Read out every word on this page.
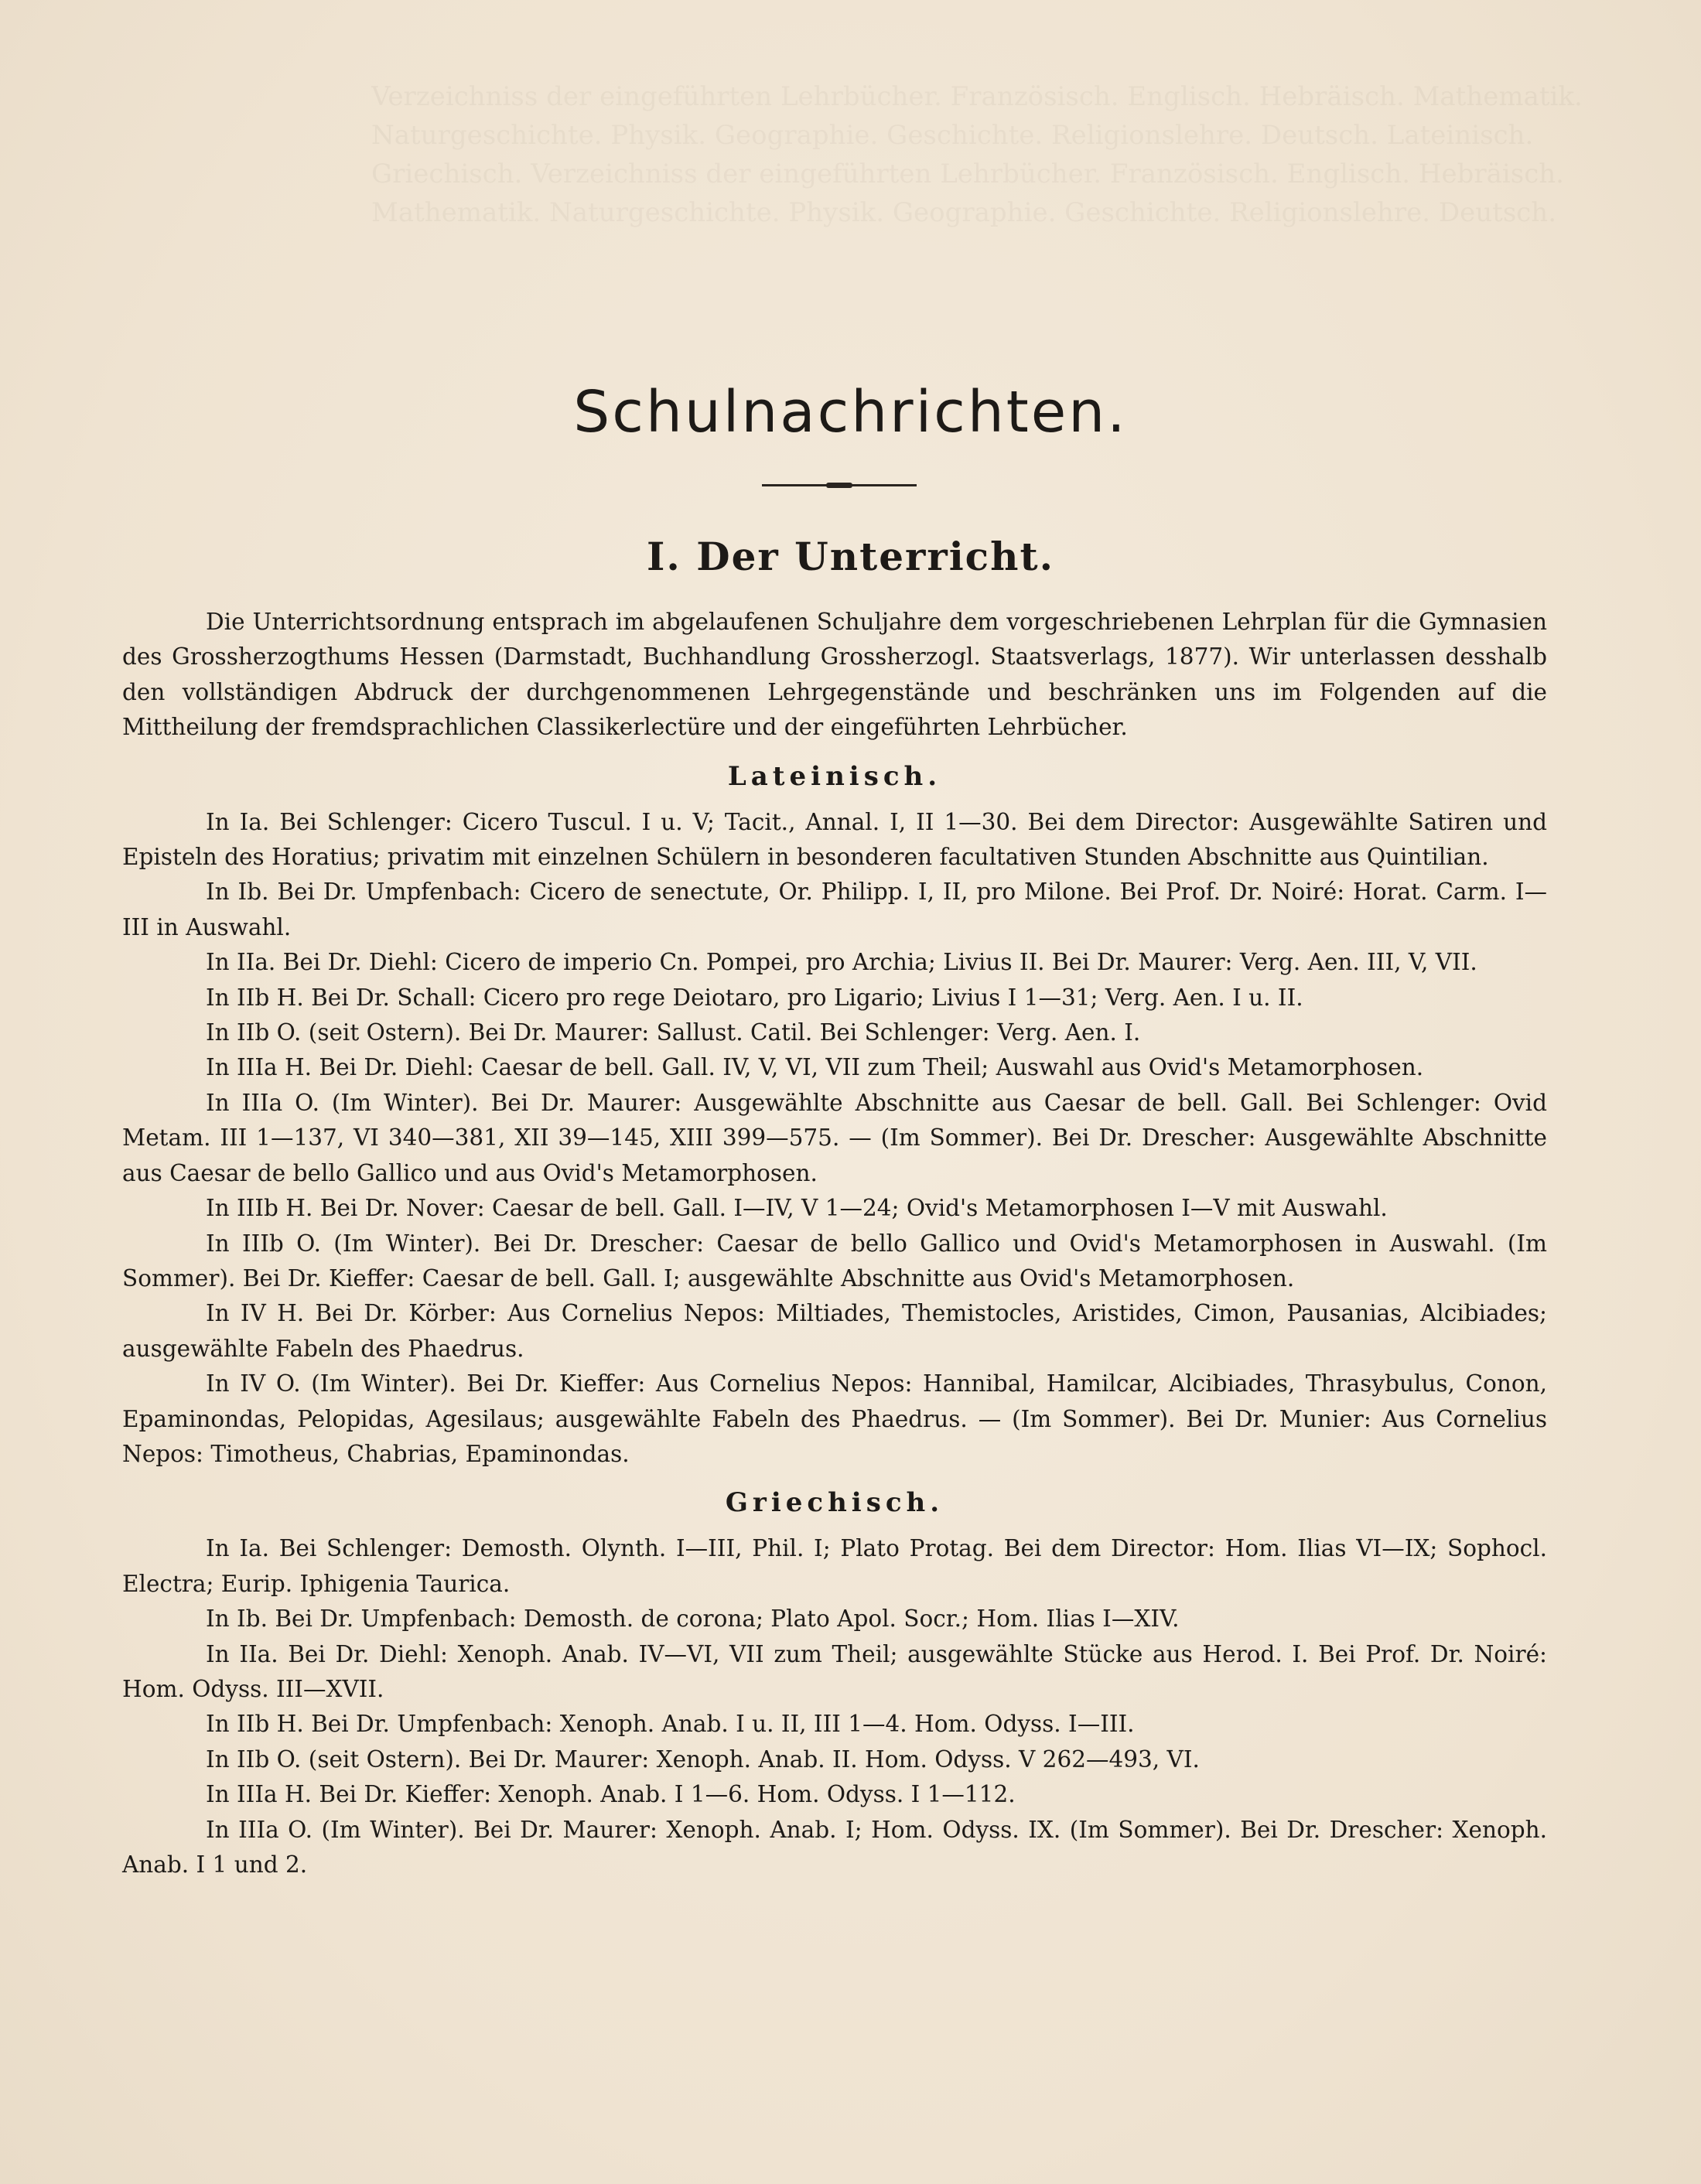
Schulnachrichten.
I. Der Unterricht.

Die Unterrichtsordnung entsprach im abgelaufenen Schuljahre dem vorgeschriebenen Lehrplan für die Gymnasien des Grossherzogthums Hessen (Darmstadt, Buchhandlung Grossherzogl. Staatsverlags, 1877). Wir unterlassen desshalb den vollständigen Abdruck der durchgenommenen Lehrgegenstände und beschränken uns im Folgenden auf die Mittheilung der fremdsprachlichen Classikerlectüre und der eingeführten Lehrbücher.

Lateinisch.

In Ia. Bei Schlenger: Cicero Tuscul. I u. V; Tacit., Annal. I, II 1—30. Bei dem Director: Ausgewählte Satiren und Episteln des Horatius; privatim mit einzelnen Schülern in besonderen facultativen Stunden Abschnitte aus Quintilian.

In Ib. Bei Dr. Umpfenbach: Cicero de senectute, Or. Philipp. I, II, pro Milone. Bei Prof. Dr. Noiré: Horat. Carm. I—III in Auswahl.

In IIa. Bei Dr. Diehl: Cicero de imperio Cn. Pompei, pro Archia; Livius II. Bei Dr. Maurer: Verg. Aen. III, V, VII.

In IIb H. Bei Dr. Schall: Cicero pro rege Deiotaro, pro Ligario; Livius I 1—31; Verg. Aen. I u. II.

In IIb O. (seit Ostern). Bei Dr. Maurer: Sallust. Catil. Bei Schlenger: Verg. Aen. I.

In IIIa H. Bei Dr. Diehl: Caesar de bell. Gall. IV, V, VI, VII zum Theil; Auswahl aus Ovid's Metamorphosen.

In IIIa O. (Im Winter). Bei Dr. Maurer: Ausgewählte Abschnitte aus Caesar de bell. Gall. Bei Schlenger: Ovid Metam. III 1—137, VI 340—381, XII 39—145, XIII 399—575. — (Im Sommer). Bei Dr. Drescher: Ausgewählte Abschnitte aus Caesar de bello Gallico und aus Ovid's Metamorphosen.

In IIIb H. Bei Dr. Nover: Caesar de bell. Gall. I—IV, V 1—24; Ovid's Metamorphosen I—V mit Auswahl.

In IIIb O. (Im Winter). Bei Dr. Drescher: Caesar de bello Gallico und Ovid's Metamorphosen in Auswahl. (Im Sommer). Bei Dr. Kieffer: Caesar de bell. Gall. I; ausgewählte Abschnitte aus Ovid's Metamorphosen.

In IV H. Bei Dr. Körber: Aus Cornelius Nepos: Miltiades, Themistocles, Aristides, Cimon, Pausanias, Alcibiades; ausgewählte Fabeln des Phaedrus.

In IV O. (Im Winter). Bei Dr. Kieffer: Aus Cornelius Nepos: Hannibal, Hamilcar, Alcibiades, Thrasybulus, Conon, Epaminondas, Pelopidas, Agesilaus; ausgewählte Fabeln des Phaedrus. — (Im Sommer). Bei Dr. Munier: Aus Cornelius Nepos: Timotheus, Chabrias, Epaminondas.

Griechisch.

In Ia. Bei Schlenger: Demosth. Olynth. I—III, Phil. I; Plato Protag. Bei dem Director: Hom. Ilias VI—IX; Sophocl. Electra; Eurip. Iphigenia Taurica.

In Ib. Bei Dr. Umpfenbach: Demosth. de corona; Plato Apol. Socr.; Hom. Ilias I—XIV.

In IIa. Bei Dr. Diehl: Xenoph. Anab. IV—VI, VII zum Theil; ausgewählte Stücke aus Herod. I. Bei Prof. Dr. Noiré: Hom. Odyss. III—XVII.

In IIb H. Bei Dr. Umpfenbach: Xenoph. Anab. I u. II, III 1—4. Hom. Odyss. I—III.

In IIb O. (seit Ostern). Bei Dr. Maurer: Xenoph. Anab. II. Hom. Odyss. V 262—493, VI.

In IIIa H. Bei Dr. Kieffer: Xenoph. Anab. I 1—6. Hom. Odyss. I 1—112.

In IIIa O. (Im Winter). Bei Dr. Maurer: Xenoph. Anab. I; Hom. Odyss. IX. (Im Sommer). Bei Dr. Drescher: Xenoph. Anab. I 1 und 2.
